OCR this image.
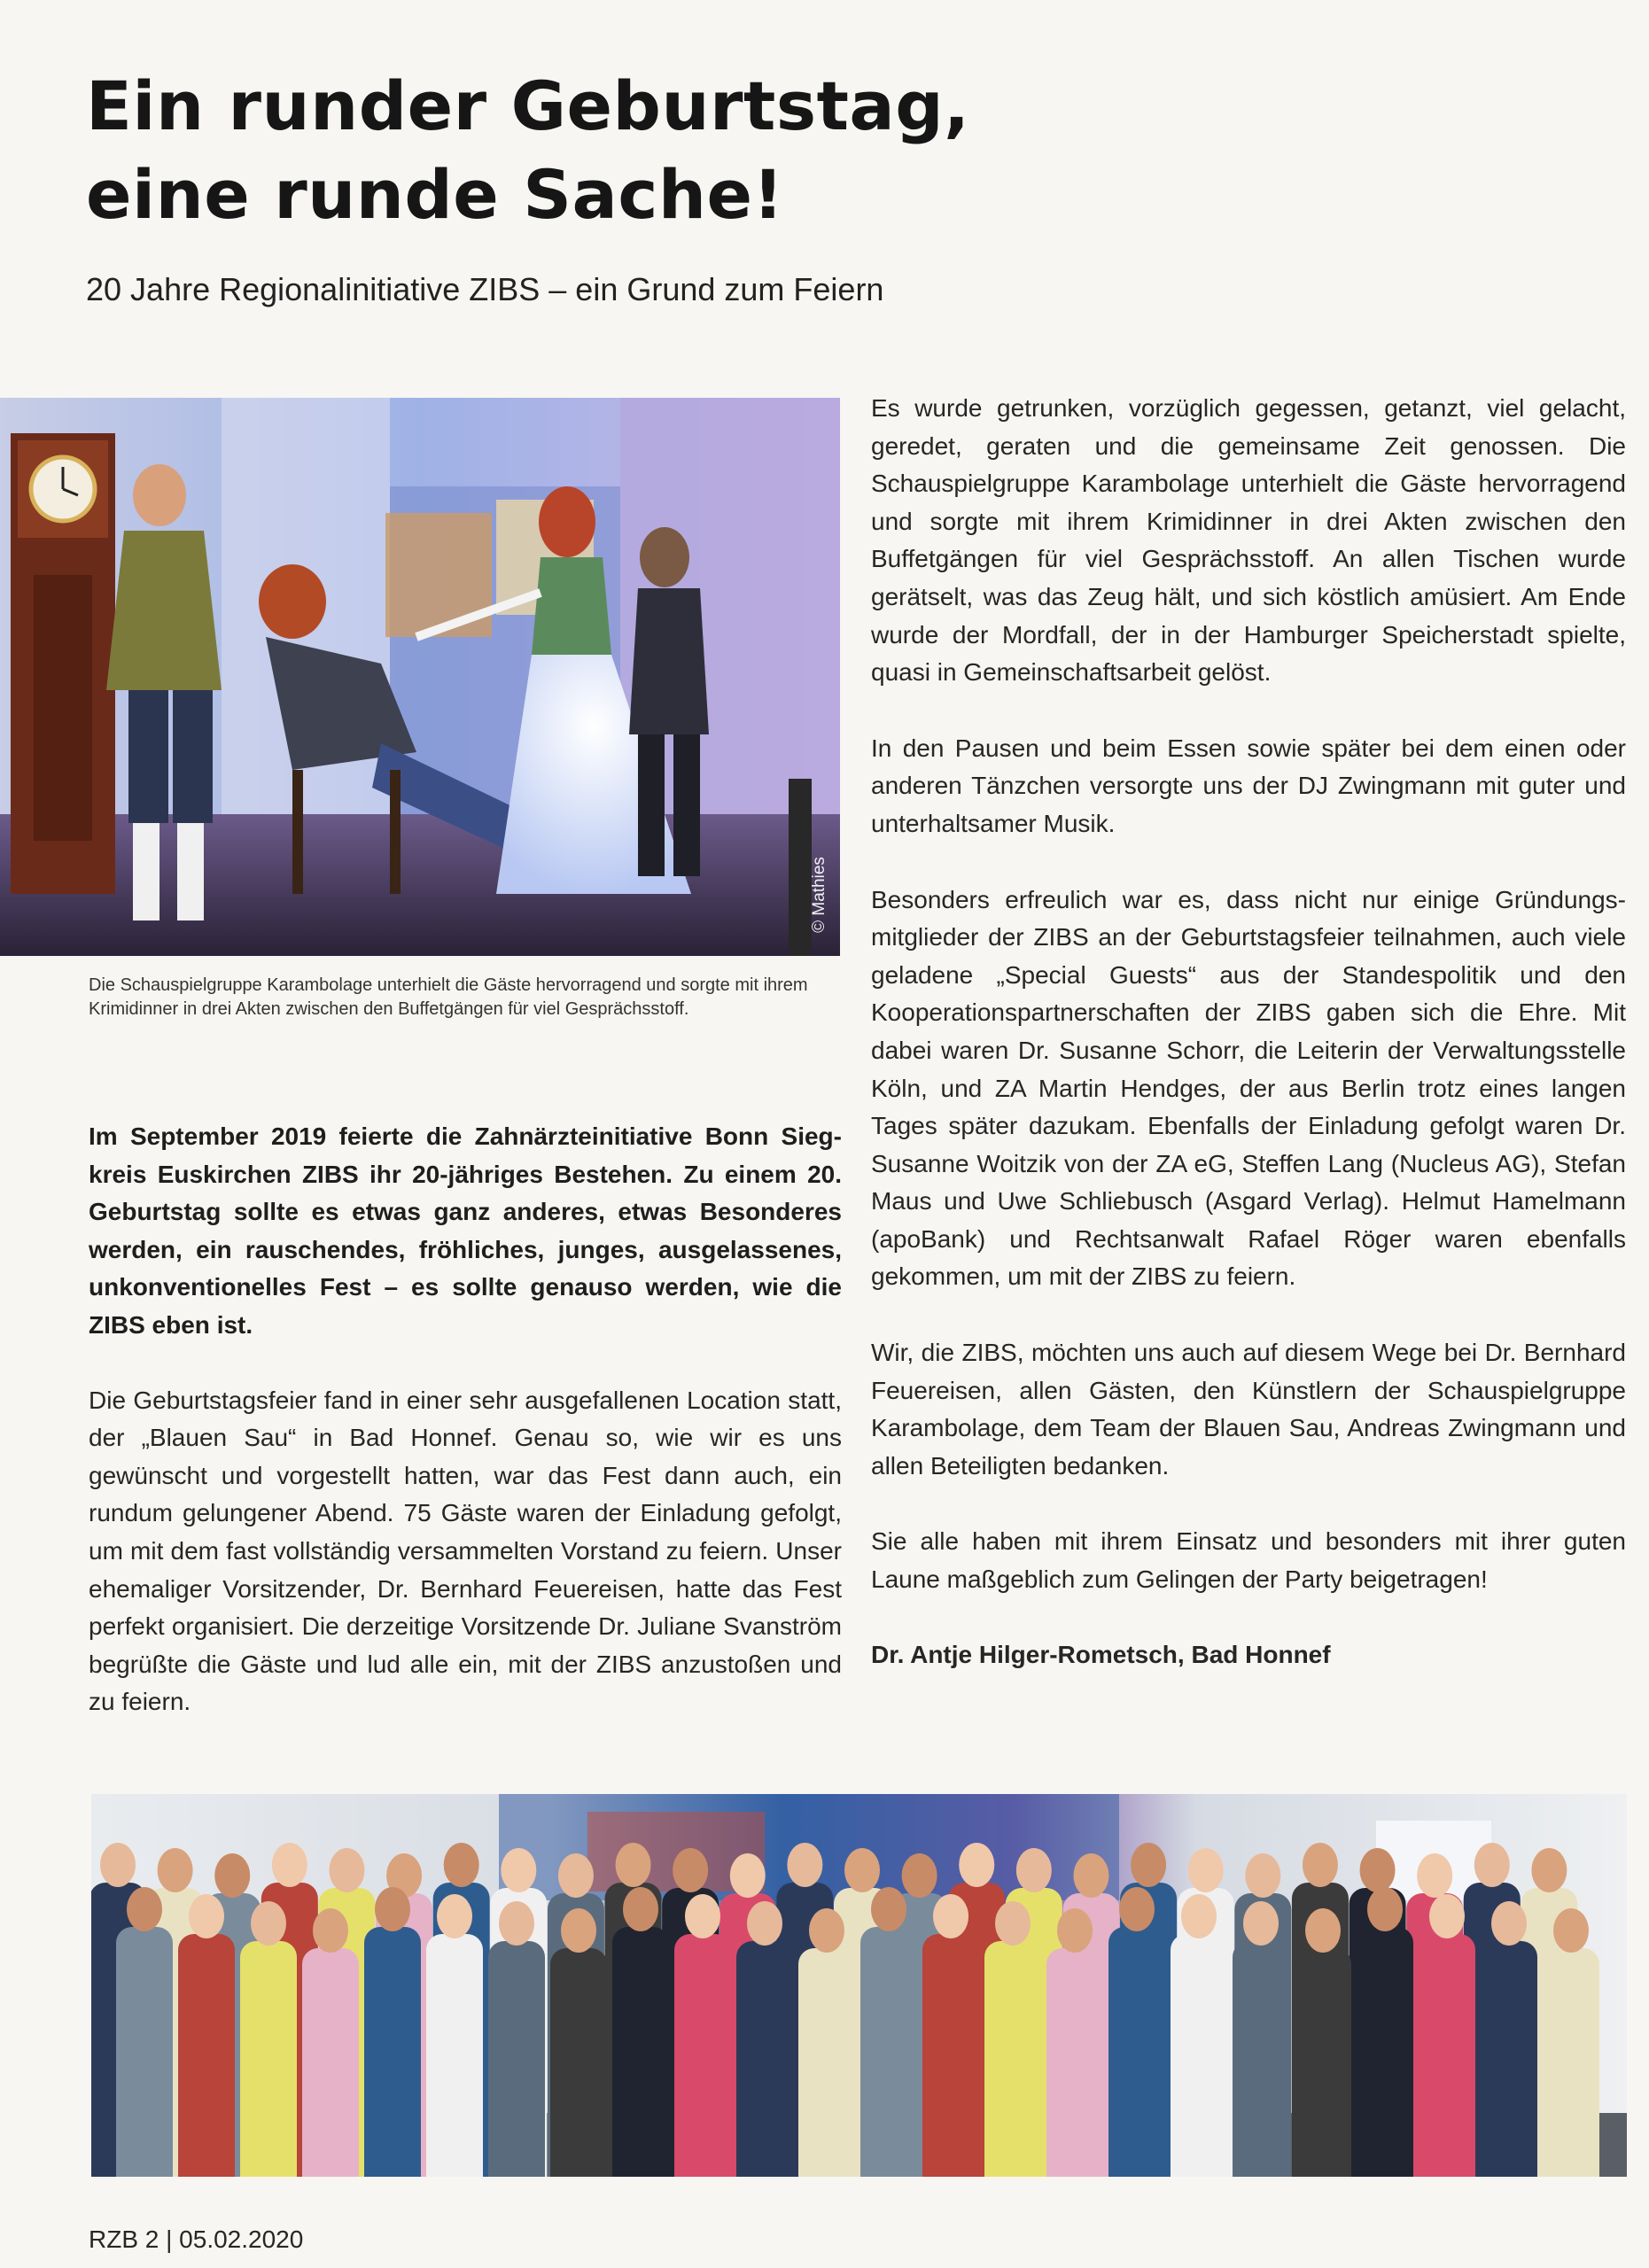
Ein runder Geburtstag,
eine runde Sache!
20 Jahre Regionalinitiative ZIBS – ein Grund zum Feiern
© Mathies
Die Schauspielgruppe Karambolage unterhielt die Gäste hervorragend und sorgte mit ihrem Krimidinner in drei Akten zwischen den Buffetgängen für viel Gesprächsstoff.

Im September 2019 feierte die Zahnärzteinitiative Bonn Siegkreis Euskirchen ZIBS ihr 20-jähriges Bestehen. Zu einem 20. Geburtstag sollte es etwas ganz anderes, etwas Besonderes werden, ein rauschendes, fröhliches, junges, ausgelassenes, unkonventionelles Fest – es sollte genauso werden, wie die ZIBS eben ist.

Die Geburtstagsfeier fand in einer sehr ausgefallenen Location statt, der „Blauen Sau“ in Bad Honnef. Genau so, wie wir es uns gewünscht und vorgestellt hatten, war das Fest dann auch, ein rundum gelungener Abend. 75 Gäste waren der Einladung gefolgt, um mit dem fast vollständig versammelten Vorstand zu feiern. Unser ehemaliger Vorsitzender, Dr. Bernhard Feuereisen, hatte das Fest perfekt organisiert. Die derzeitige Vorsitzende Dr. Juliane Svanström begrüßte die Gäste und lud alle ein, mit der ZIBS anzustoßen und zu feiern.

Es wurde getrunken, vorzüglich gegessen, getanzt, viel gelacht, geredet, geraten und die gemeinsame Zeit genossen. Die Schauspielgruppe Karambolage unterhielt die Gäste hervorragend und sorgte mit ihrem Krimidinner in drei Akten zwischen den Buffetgängen für viel Gesprächsstoff. An allen Tischen wurde gerätselt, was das Zeug hält, und sich köstlich amüsiert. Am Ende wurde der Mordfall, der in der Hamburger Speicherstadt spielte, quasi in Gemeinschaftsarbeit gelöst.

In den Pausen und beim Essen sowie später bei dem einen oder anderen Tänzchen versorgte uns der DJ Zwingmann mit guter und unterhaltsamer Musik.

Besonders erfreulich war es, dass nicht nur einige Gründungsmitglieder der ZIBS an der Geburtstagsfeier teilnahmen, auch viele geladene „Special Guests“ aus der Standespolitik und den Kooperationspartnerschaften der ZIBS gaben sich die Ehre. Mit dabei waren Dr. Susanne Schorr, die Leiterin der Verwaltungsstelle Köln, und ZA Martin Hendges, der aus Berlin trotz eines langen Tages später dazukam. Ebenfalls der Einladung gefolgt waren Dr. Susanne Woitzik von der ZA eG, Steffen Lang (Nucleus AG), Stefan Maus und Uwe Schliebusch (Asgard Verlag). Helmut Hamelmann (apoBank) und Rechtsanwalt Rafael Röger waren ebenfalls gekommen, um mit der ZIBS zu feiern.

Wir, die ZIBS, möchten uns auch auf diesem Wege bei Dr. Bernhard Feuereisen, allen Gästen, den Künstlern der Schauspielgruppe Karambolage, dem Team der Blauen Sau, Andreas Zwingmann und allen Beteiligten bedanken.

Sie alle haben mit ihrem Einsatz und besonders mit ihrer guten Laune maßgeblich zum Gelingen der Party beigetragen!

Dr. Antje Hilger-Rometsch, Bad Honnef

RZB 2 | 05.02.2020
